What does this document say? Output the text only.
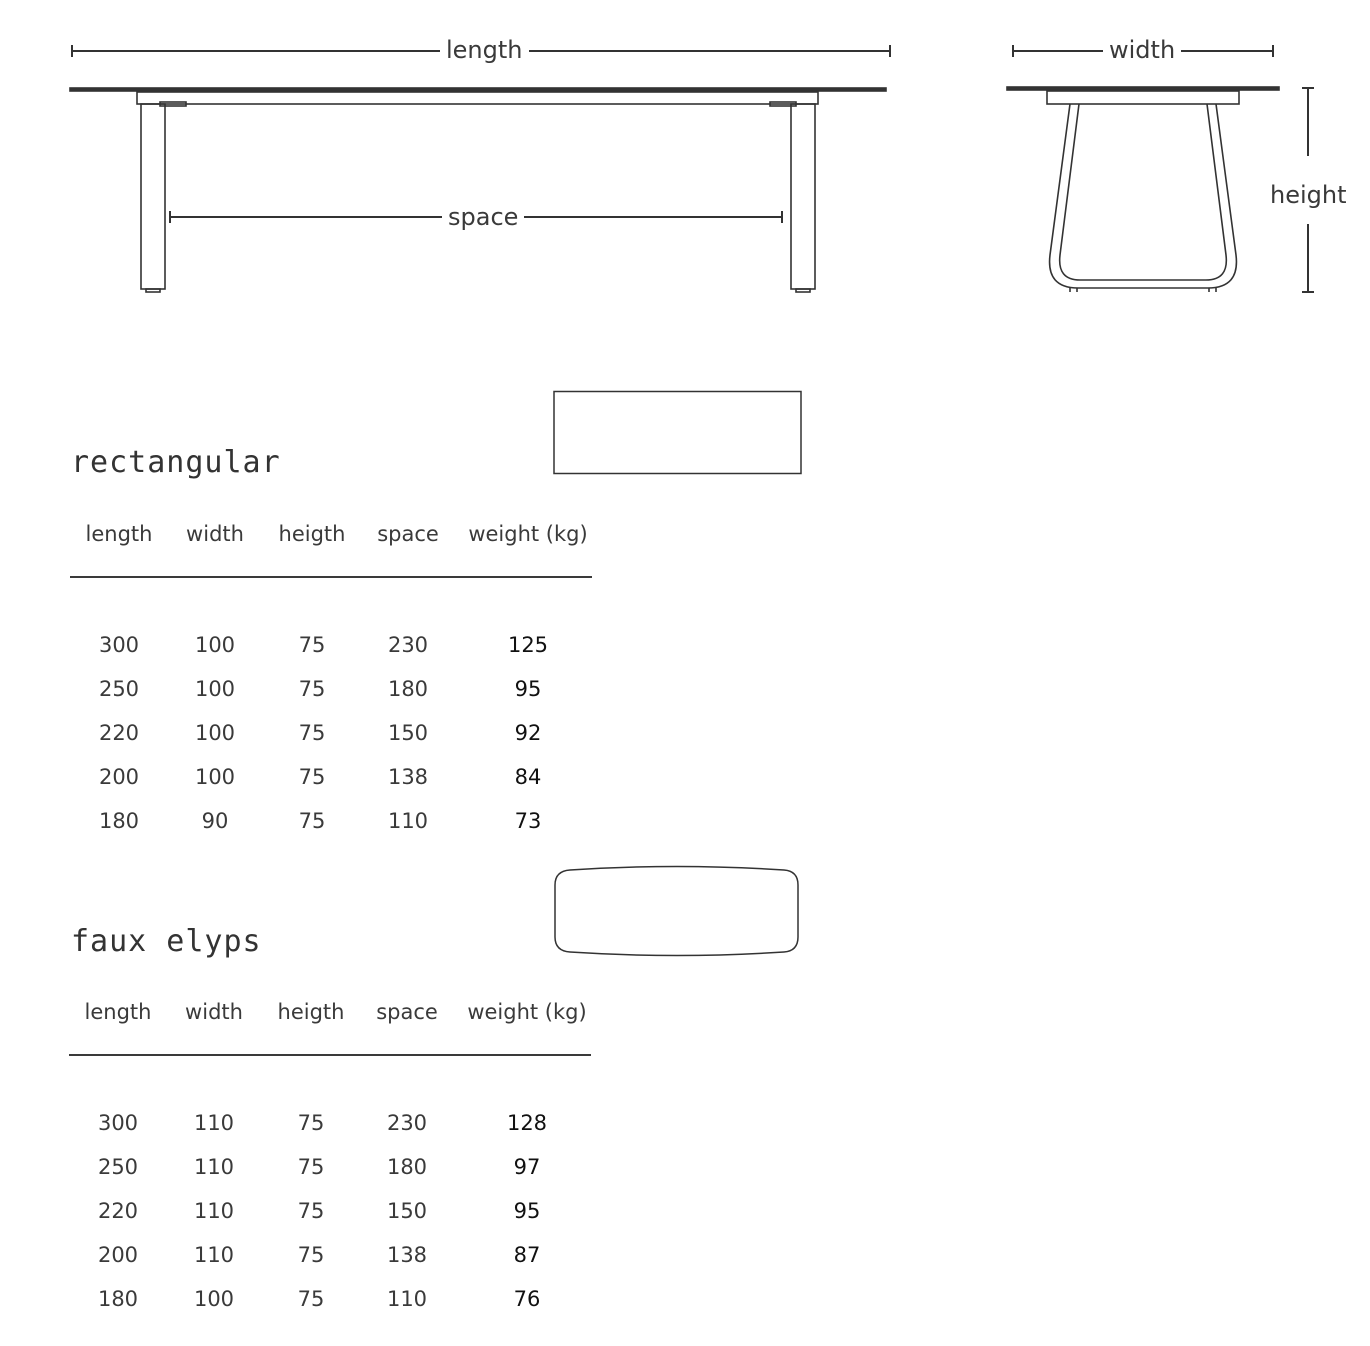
length
space
width
height
rectangular
length width heigth space weight (kg)
300	100	75	230	125
250	100	75	180	95
220	100	75	150	92
200	100	75	138	84
180	90	75	110	73
faux elyps
length width heigth space weight (kg)
300	110	75	230	128
250	110	75	180	97
220	110	75	150	95
200	110	75	138	87
180	100	75	110	76
